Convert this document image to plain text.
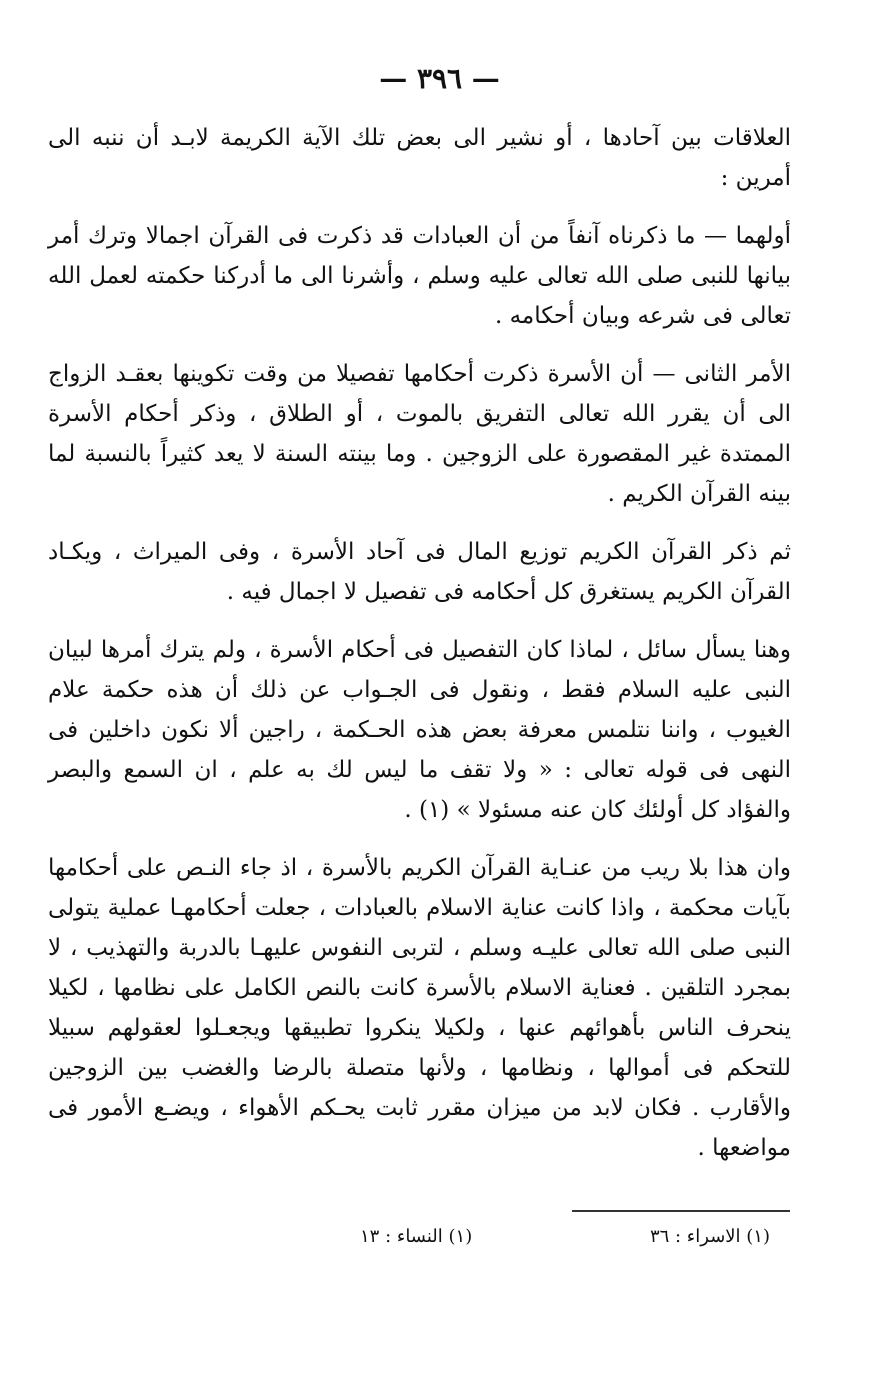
— ٣٩٦ —

العلاقات بين آحادها ، أو نشير الى بعض تلك الآية الكريمة لابـد أن ننبه الى أمرين :

أولهما — ما ذكرناه آنفاً من أن العبادات قد ذكرت فى القرآن اجمالا وترك أمر بيانها للنبى صلى الله تعالى عليه وسلم ، وأشرنا الى ما أدركنا حكمته لعمل الله تعالى فى شرعه وبيان أحكامه .

الأمر الثانى — أن الأسرة ذكرت أحكامها تفصيلا من وقت تكوينها بعقـد الزواج الى أن يقرر الله تعالى التفريق بالموت ، أو الطلاق ، وذكر أحكام الأسرة الممتدة غير المقصورة على الزوجين . وما بينته السنة لا يعد كثيراً بالنسبة لما بينه القرآن الكريم .

ثم ذكر القرآن الكريم توزيع المال فى آحاد الأسرة ، وفى الميراث ، ويكـاد القرآن الكريم يستغرق كل أحكامه فى تفصيل لا اجمال فيه .

وهنا يسأل سائل ، لماذا كان التفصيل فى أحكام الأسرة ، ولم يترك أمرها لبيان النبى عليه السلام فقط ، ونقول فى الجـواب عن ذلك أن هذه حكمة علام الغيوب ، واننا نتلمس معرفة بعض هذه الحـكمة ، راجين ألا نكون داخلين فى النهى فى قوله تعالى : « ولا تقف ما ليس لك به علم ، ان السمع والبصر والفؤاد كل أولئك كان عنه مسئولا » (١) .

وان هذا بلا ريب من عنـاية القرآن الكريم بالأسرة ، اذ جاء النـص على أحكامها بآيات محكمة ، واذا كانت عناية الاسلام بالعبادات ، جعلت أحكامهـا عملية يتولى النبى صلى الله تعالى عليـه وسلم ، لتربى النفوس عليهـا بالدربة والتهذيب ، لا بمجرد التلقين . فعناية الاسلام بالأسرة كانت بالنص الكامل على نظامها ، لكيلا ينحرف الناس بأهوائهم عنها ، ولكيلا ينكروا تطبيقها ويجعـلوا لعقولهم سبيلا للتحكم فى أموالها ، ونظامها ، ولأنها متصلة بالرضا والغضب بين الزوجين والأقارب . فكان لابد من ميزان مقرر ثابت يحـكم الأهواء ، ويضـع الأمور فى مواضعها .

(١) الاسراء : ٣٦
(١) النساء : ١٣
